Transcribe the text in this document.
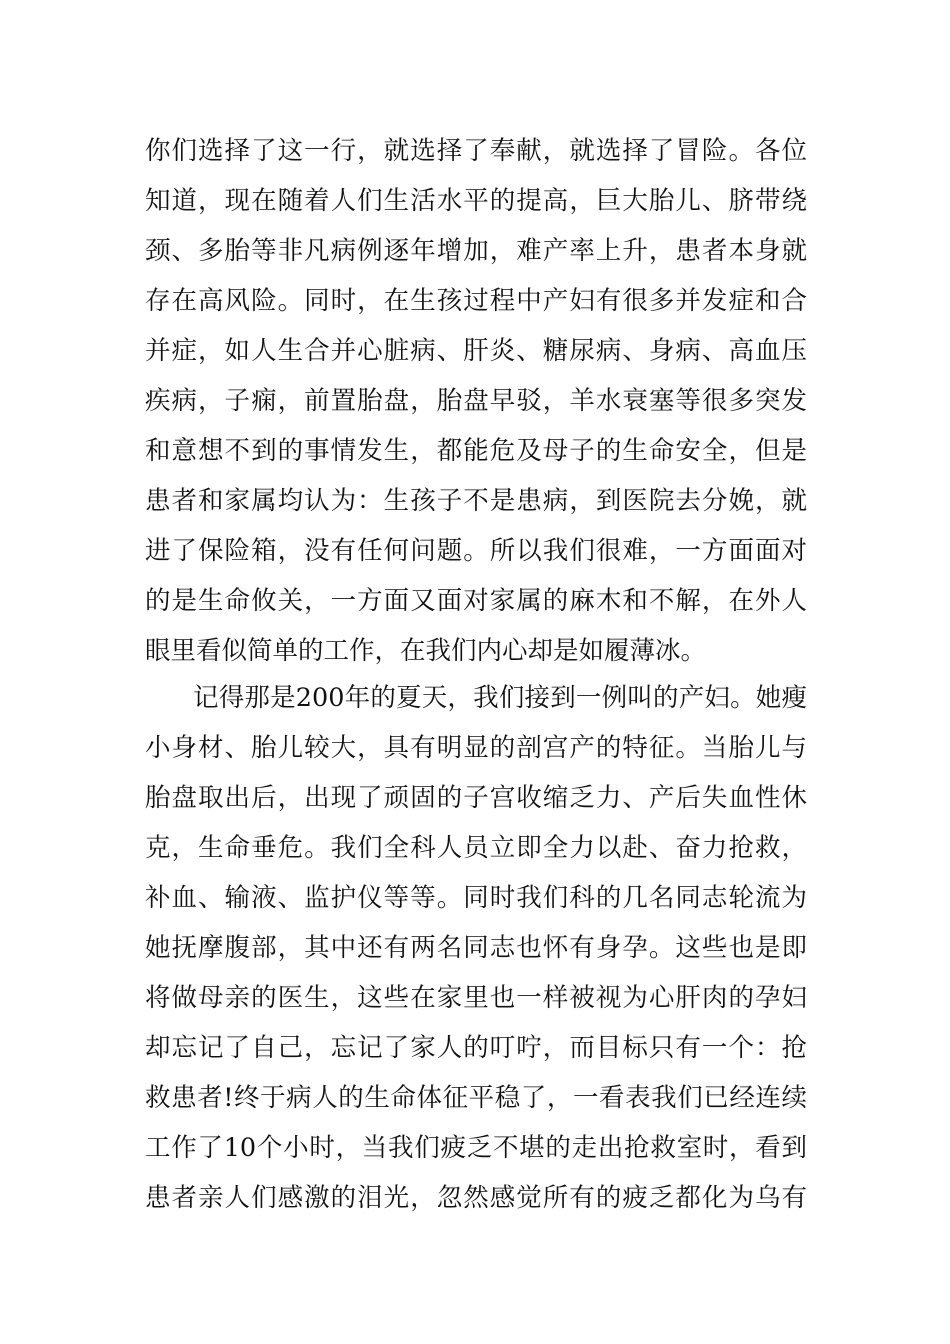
你们选择了这一行，就选择了奉献，就选择了冒险。各位
知道，现在随着人们生活水平的提高，巨大胎儿、脐带绕
颈、多胎等非凡病例逐年增加，难产率上升，患者本身就
存在高风险。同时，在生孩过程中产妇有很多并发症和合
并症，如人生合并心脏病、肝炎、糖尿病、身病、高血压
疾病，子痫，前置胎盘，胎盘早驳，羊水衰塞等很多突发
和意想不到的事情发生，都能危及母子的生命安全，但是
患者和家属均认为：生孩子不是患病，到医院去分娩，就
进了保险箱，没有任何问题。所以我们很难，一方面面对
的是生命攸关，一方面又面对家属的麻木和不解，在外人
眼里看似简单的工作，在我们内心却是如履薄冰。
记得那是200年的夏天，我们接到一例叫的产妇。她瘦
小身材、胎儿较大，具有明显的剖宫产的特征。当胎儿与
胎盘取出后，出现了顽固的子宫收缩乏力、产后失血性休
克，生命垂危。我们全科人员立即全力以赴、奋力抢救，
补血、输液、监护仪等等。同时我们科的几名同志轮流为
她抚摩腹部，其中还有两名同志也怀有身孕。这些也是即
将做母亲的医生，这些在家里也一样被视为心肝肉的孕妇
却忘记了自己，忘记了家人的叮咛，而目标只有一个：抢
救患者!终于病人的生命体征平稳了，一看表我们已经连续
工作了10个小时，当我们疲乏不堪的走出抢救室时，看到
患者亲人们感激的泪光，忽然感觉所有的疲乏都化为乌有
